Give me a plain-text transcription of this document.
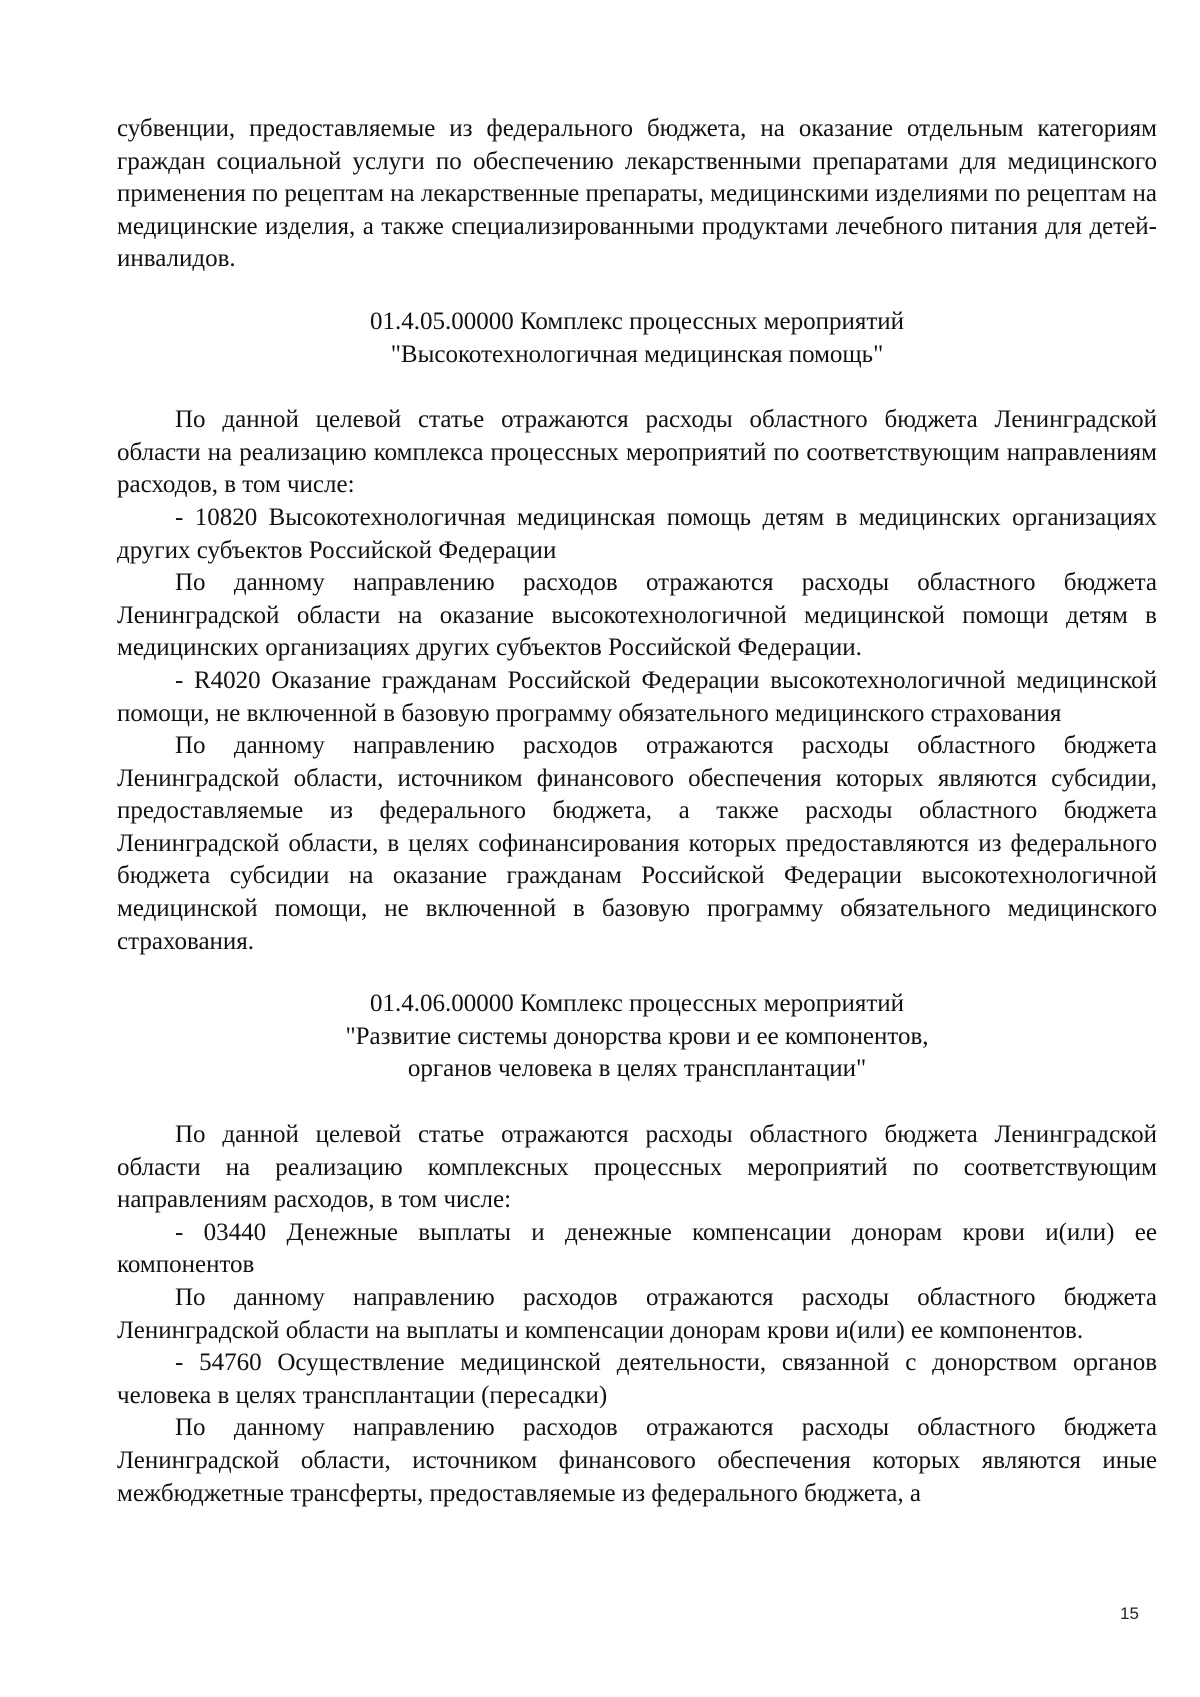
субвенции, предоставляемые из федерального бюджета, на оказание отдельным категориям граждан социальной услуги по обеспечению лекарственными препаратами для медицинского применения по рецептам на лекарственные препараты, медицинскими изделиями по рецептам на медицинские изделия, а также специализированными продуктами лечебного питания для детей-инвалидов.

01.4.05.00000 Комплекс процессных мероприятий
"Высокотехнологичная медицинская помощь"

По данной целевой статье отражаются расходы областного бюджета Ленинградской области на реализацию комплекса процессных мероприятий по соответствующим направлениям расходов, в том числе:

- 10820 Высокотехнологичная медицинская помощь детям в медицинских организациях других субъектов Российской Федерации

По данному направлению расходов отражаются расходы областного бюджета Ленинградской области на оказание высокотехнологичной медицинской помощи детям в медицинских организациях других субъектов Российской Федерации.

- R4020 Оказание гражданам Российской Федерации высокотехнологичной медицинской помощи, не включенной в базовую программу обязательного медицинского страхования

По данному направлению расходов отражаются расходы областного бюджета Ленинградской области, источником финансового обеспечения которых являются субсидии, предоставляемые из федерального бюджета, а также расходы областного бюджета Ленинградской области, в целях софинансирования которых предоставляются из федерального бюджета субсидии на оказание гражданам Российской Федерации высокотехнологичной медицинской помощи, не включенной в базовую программу обязательного медицинского страхования.

01.4.06.00000 Комплекс процессных мероприятий
"Развитие системы донорства крови и ее компонентов,
органов человека в целях трансплантации"

По данной целевой статье отражаются расходы областного бюджета Ленинградской области на реализацию комплексных процессных мероприятий по соответствующим направлениям расходов, в том числе:

- 03440 Денежные выплаты и денежные компенсации донорам крови и(или) ее компонентов

По данному направлению расходов отражаются расходы областного бюджета Ленинградской области на выплаты и компенсации донорам крови и(или) ее компонентов.

- 54760 Осуществление медицинской деятельности, связанной с донорством органов человека в целях трансплантации (пересадки)

По данному направлению расходов отражаются расходы областного бюджета Ленинградской области, источником финансового обеспечения которых являются иные межбюджетные трансферты, предоставляемые из федерального бюджета, а

15
